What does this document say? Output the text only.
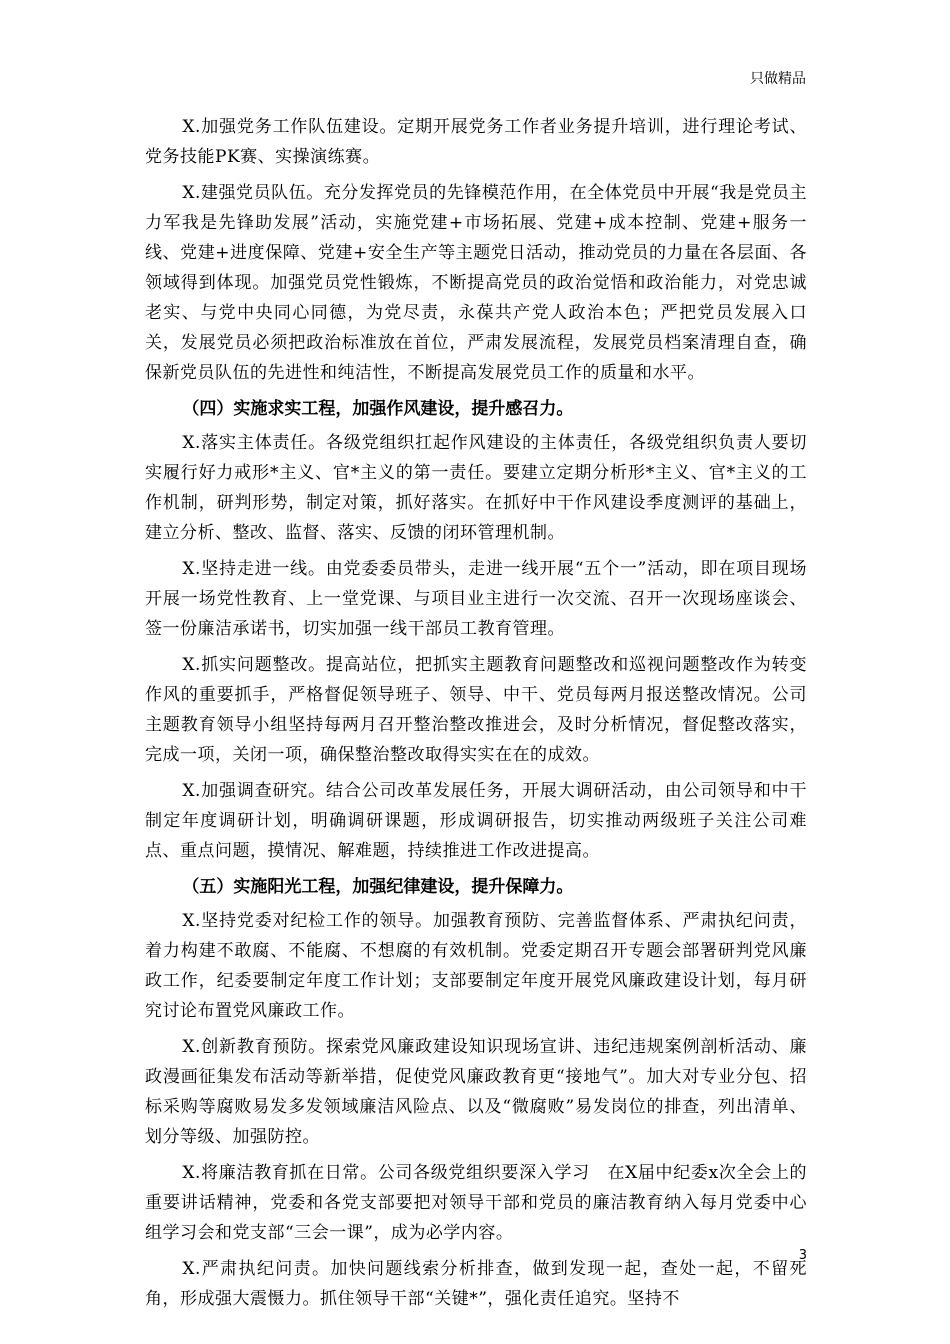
只做精品

X.加强党务工作队伍建设。定期开展党务工作者业务提升培训，进行理论考试、党务技能PK赛、实操演练赛。

X.建强党员队伍。充分发挥党员的先锋模范作用，在全体党员中开展“我是党员主力军我是先锋助发展”活动，实施党建+市场拓展、党建+成本控制、党建+服务一线、党建+进度保障、党建+安全生产等主题党日活动，推动党员的力量在各层面、各领域得到体现。加强党员党性锻炼，不断提高党员的政治觉悟和政治能力，对党忠诚老实、与党中央同心同德，为党尽责，永葆共产党人政治本色；严把党员发展入口关，发展党员必须把政治标准放在首位，严肃发展流程，发展党员档案清理自查，确保新党员队伍的先进性和纯洁性，不断提高发展党员工作的质量和水平。

（四）实施求实工程，加强作风建设，提升感召力。

X.落实主体责任。各级党组织扛起作风建设的主体责任，各级党组织负责人要切实履行好力戒形*主义、官*主义的第一责任。要建立定期分析形*主义、官*主义的工作机制，研判形势，制定对策，抓好落实。在抓好中干作风建设季度测评的基础上，建立分析、整改、监督、落实、反馈的闭环管理机制。

X.坚持走进一线。由党委委员带头，走进一线开展“五个一”活动，即在项目现场开展一场党性教育、上一堂党课、与项目业主进行一次交流、召开一次现场座谈会、签一份廉洁承诺书，切实加强一线干部员工教育管理。

X.抓实问题整改。提高站位，把抓实主题教育问题整改和巡视问题整改作为转变作风的重要抓手，严格督促领导班子、领导、中干、党员每两月报送整改情况。公司主题教育领导小组坚持每两月召开整治整改推进会，及时分析情况，督促整改落实，完成一项，关闭一项，确保整治整改取得实实在在的成效。

X.加强调查研究。结合公司改革发展任务，开展大调研活动，由公司领导和中干制定年度调研计划，明确调研课题，形成调研报告，切实推动两级班子关注公司难点、重点问题，摸情况、解难题，持续推进工作改进提高。

（五）实施阳光工程，加强纪律建设，提升保障力。

X.坚持党委对纪检工作的领导。加强教育预防、完善监督体系、严肃执纪问责，着力构建不敢腐、不能腐、不想腐的有效机制。党委定期召开专题会部署研判党风廉政工作，纪委要制定年度工作计划；支部要制定年度开展党风廉政建设计划，每月研究讨论布置党风廉政工作。

X.创新教育预防。探索党风廉政建设知识现场宣讲、违纪违规案例剖析活动、廉政漫画征集发布活动等新举措，促使党风廉政教育更“接地气”。加大对专业分包、招标采购等腐败易发多发领域廉洁风险点、以及“微腐败”易发岗位的排查，列出清单、划分等级、加强防控。

X.将廉洁教育抓在日常。公司各级党组织要深入学习　在X届中纪委x次全会上的重要讲话精神，党委和各党支部要把对领导干部和党员的廉洁教育纳入每月党委中心组学习会和党支部“三会一课”，成为必学内容。

X.严肃执纪问责。加快问题线索分析排查，做到发现一起，查处一起，不留死角，形成强大震慑力。抓住领导干部“关键*”，强化责任追究。坚持不

3
